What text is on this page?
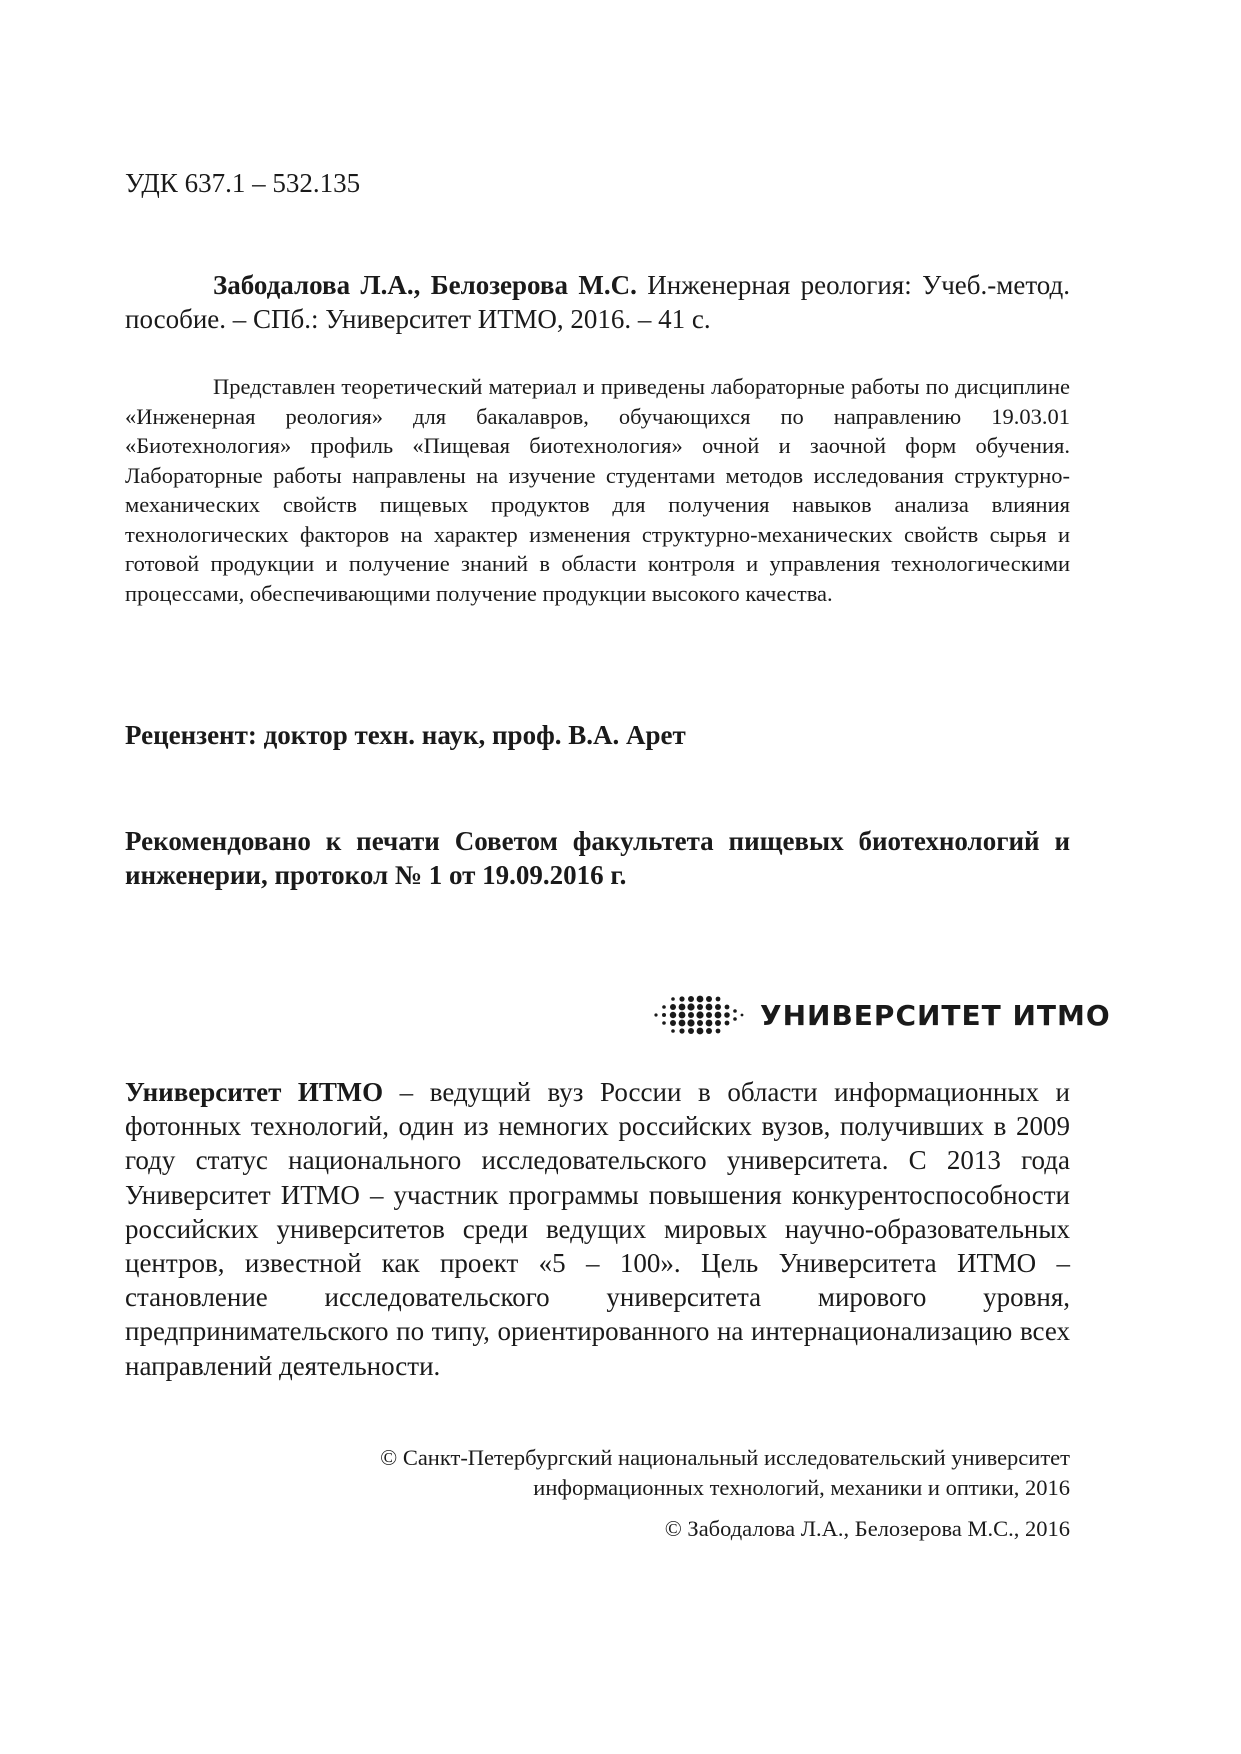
УДК 637.1 – 532.135
Забодалова Л.А., Белозерова М.С. Инженерная реология: Учеб.-метод. пособие. – СПб.: Университет ИТМО, 2016. – 41 с.
Представлен теоретический материал и приведены лабораторные работы по дисциплине «Инженерная реология» для бакалавров, обучающихся по направлению 19.03.01 «Биотехнология» профиль «Пищевая биотехнология» очной и заочной форм обучения. Лабораторные работы направлены на изучение студентами методов исследования структурно-механических свойств пищевых продуктов для получения навыков анализа влияния технологических факторов на характер изменения структурно-механических свойств сырья и готовой продукции и получение знаний в области контроля и управления технологическими процессами, обеспечивающими получение продукции высокого качества.
Рецензент: доктор техн. наук, проф. В.А. Арет
Рекомендовано к печати Советом факультета пищевых биотехнологий и инженерии, протокол № 1 от 19.09.2016 г.
УНИВЕРСИТЕТ ИТМО
Университет ИТМО – ведущий вуз России в области информационных и фотонных технологий, один из немногих российских вузов, получивших в 2009 году статус национального исследовательского университета. С 2013 года Университет ИТМО – участник программы повышения конкурентоспособности российских университетов среди ведущих мировых научно-образовательных центров, известной как проект «5 – 100». Цель Университета ИТМО – становление исследовательского университета мирового уровня, предпринимательского по типу, ориентированного на интернационализацию всех направлений деятельности.
© Санкт-Петербургский национальный исследовательский университет информационных технологий, механики и оптики, 2016
© Забодалова Л.А., Белозерова М.С., 2016
